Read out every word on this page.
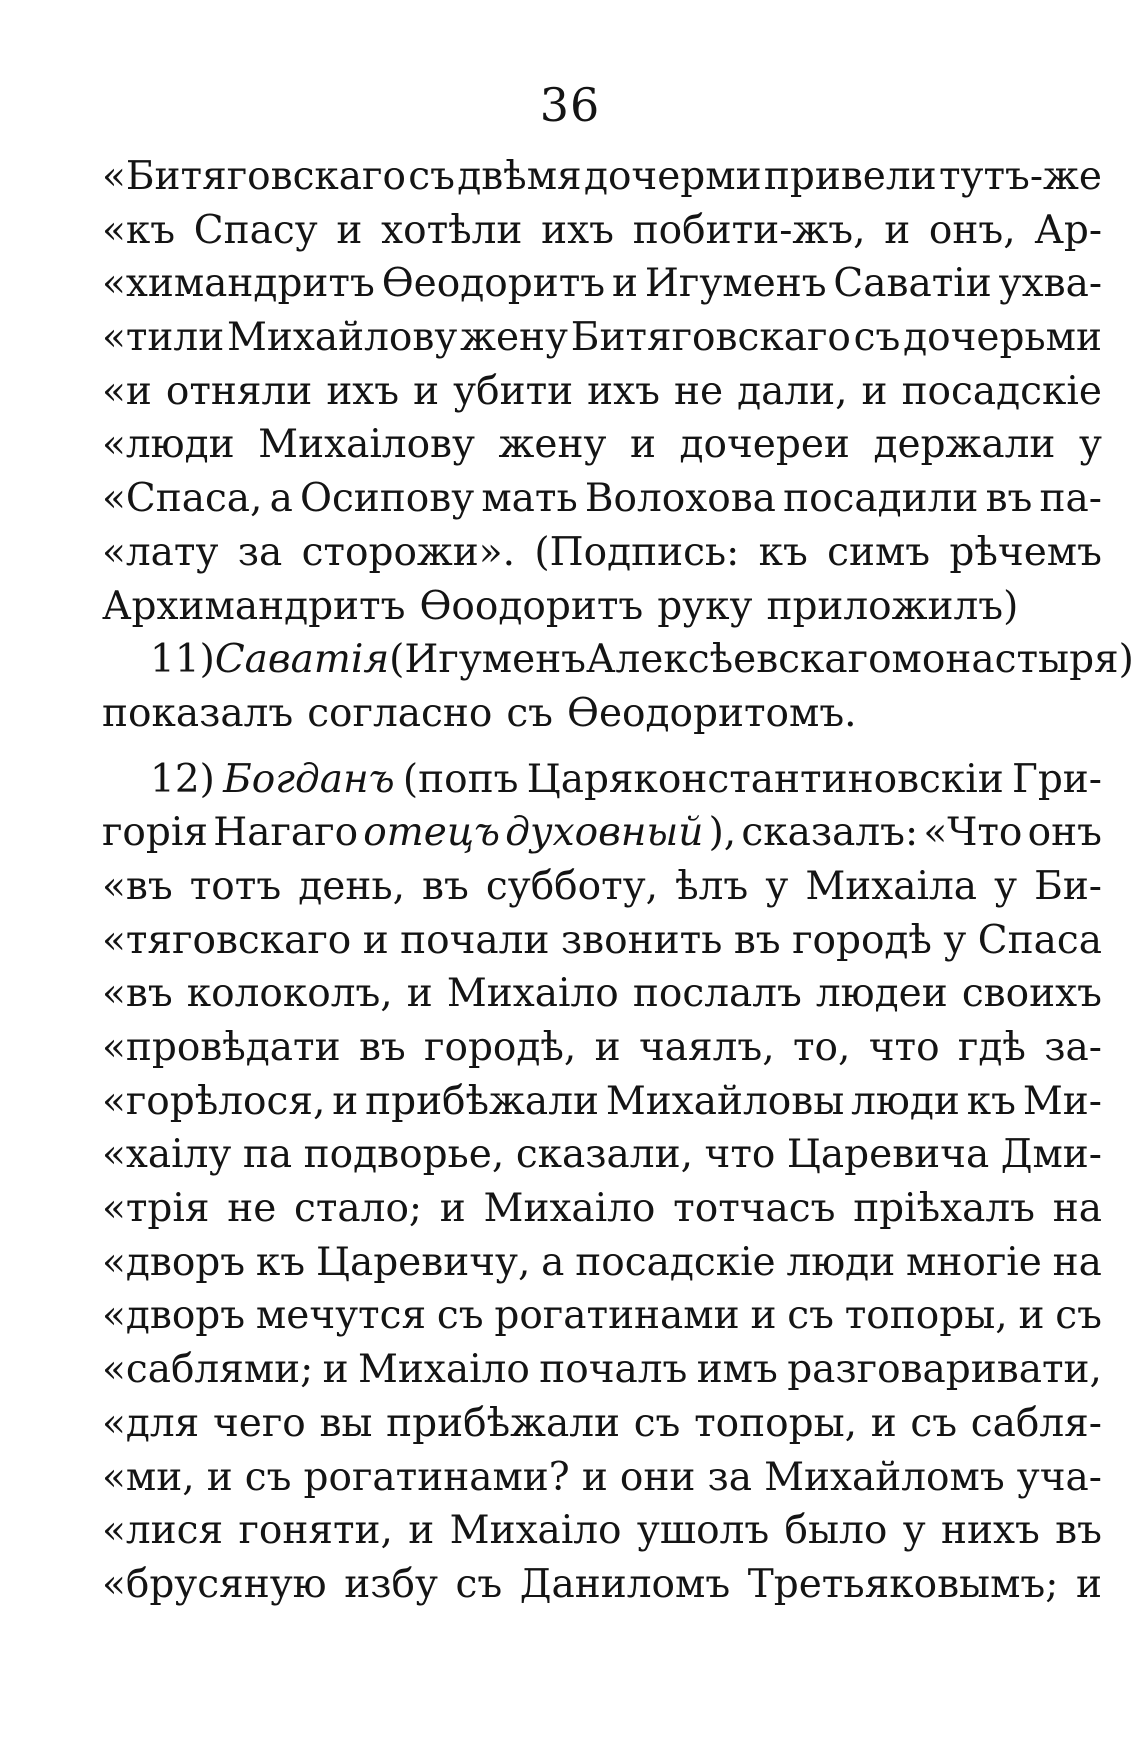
36
«Битяговскаго съ двѣмя дочерми привели тутъ-же
«къ Спасу и хотѣли ихъ побити-жъ, и онъ, Ар-
«химандритъ Ѳеодоритъ и Игуменъ Саватiи ухва-
«тили Михайлову жену Битяговскаго съ дочерьми
«и отняли ихъ и убити ихъ не дали, и посадскiе
«люди Михаiлову жену и дочереи держали у
«Спаса, а Осипову мать Волохова посадили въ па-
«лату за сторожи». (Подпись: къ симъ рѣчемъ
Архимандритъ Ѳоодоритъ руку приложилъ)
11) Саватiя (Игуменъ Алексѣевскаго монастыря)
показалъ согласно съ Ѳеодоритомъ.
12) Богданъ (попъ Царяконстантиновскiи Гри-
горiя Нагаго отецъ духовный ), сказалъ: «Что онъ
«въ тотъ день, въ субботу, ѣлъ у Михаiла у Би-
«тяговскаго и почали звонить въ городѣ у Спаса
«въ колоколъ, и Михаiло послалъ людеи своихъ
«провѣдати въ городѣ, и чаялъ, то, что гдѣ за-
«горѣлося, и прибѣжали Михайловы люди къ Ми-
«хаiлу па подворье, сказали, что Царевича Дми-
«трiя не стало; и Михаiло тотчасъ прiѣхалъ на
«дворъ къ Царевичу, а посадскiе люди многiе на
«дворъ мечутся съ рогатинами и съ топоры, и съ
«саблями; и Михаiло почалъ имъ разговаривати,
«для чего вы прибѣжали съ топоры, и съ сабля-
«ми, и съ рогатинами? и они за Михайломъ уча-
«лися гоняти, и Михаiло ушолъ было у нихъ въ
«брусяную избу съ Даниломъ Третьяковымъ; и
